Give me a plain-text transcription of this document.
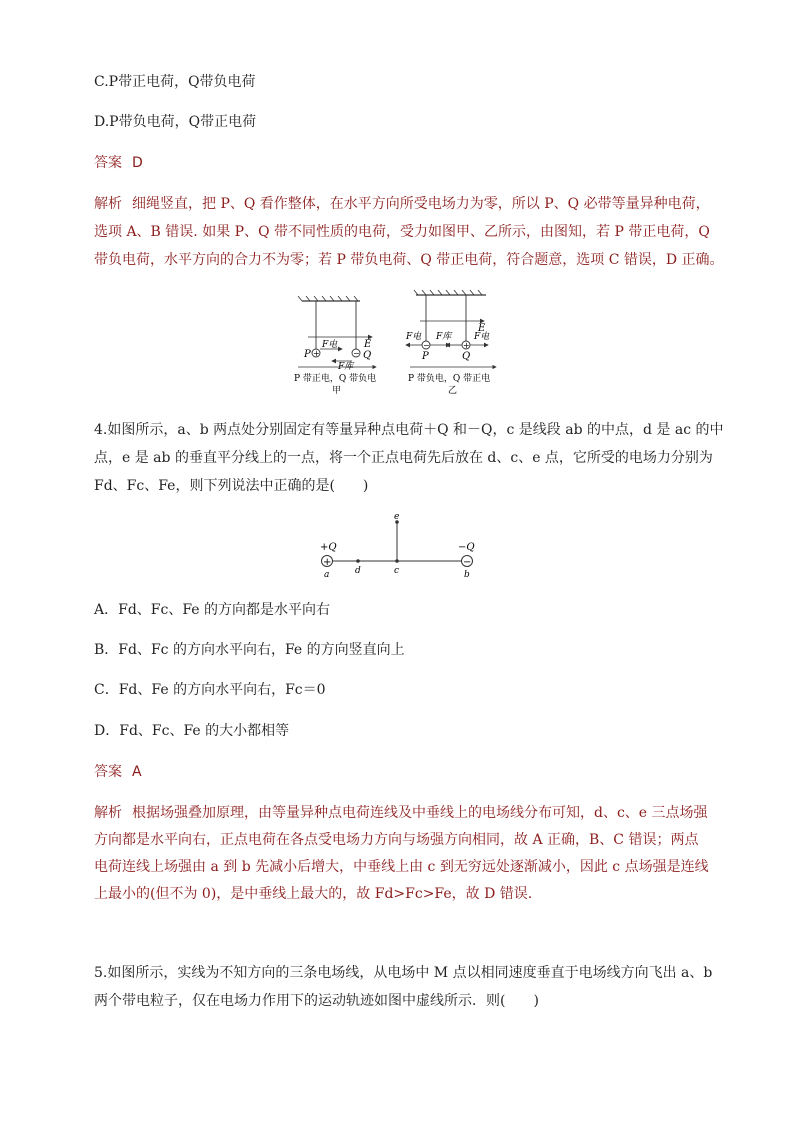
C.P带正电荷，Q带负电荷
D.P带负电荷，Q带正电荷
答案 D
解析 细绳竖直，把 P、Q 看作整体，在水平方向所受电场力为零，所以 P、Q 必带等量异种电荷，
选项 A、B 错误. 如果 P、Q 带不同性质的电荷，受力如图甲、乙所示，由图知，若 P 带正电荷，Q
带负电荷，水平方向的合力不为零；若 P 带负电荷、Q 带正电荷，符合题意，选项 C 错误，D 正确。
E
F电
+	−
P	Q
F库
P 带正电，Q 带负电
甲
E
F电
−
F库
+
F电
P	Q
P 带负电，Q 带正电
乙
4.如图所示，a、b 两点处分别固定有等量异种点电荷＋Q 和－Q，c 是线段 ab 的中点，d 是 ac 的中
点，e 是 ab 的垂直平分线上的一点，将一个正点电荷先后放在 d、c、e 点，它所受的电场力分别为
Fd、Fc、Fe，则下列说法中正确的是(　　)
+	−
+Q	−Q
e
a	d	c	b
A．Fd、Fc、Fe 的方向都是水平向右
B．Fd、Fc 的方向水平向右，Fe 的方向竖直向上
C．Fd、Fe 的方向水平向右，Fc＝0
D．Fd、Fc、Fe 的大小都相等
答案 A
解析 根据场强叠加原理，由等量异种点电荷连线及中垂线上的电场线分布可知，d、c、e 三点场强
方向都是水平向右，正点电荷在各点受电场力方向与场强方向相同，故 A 正确，B、C 错误；两点
电荷连线上场强由 a 到 b 先减小后增大，中垂线上由 c 到无穷远处逐渐减小，因此 c 点场强是连线
上最小的(但不为 0)，是中垂线上最大的，故 Fd>Fc>Fe，故 D 错误.
5.如图所示，实线为不知方向的三条电场线，从电场中 M 点以相同速度垂直于电场线方向飞出 a、b
两个带电粒子，仅在电场力作用下的运动轨迹如图中虚线所示．则(　　)
